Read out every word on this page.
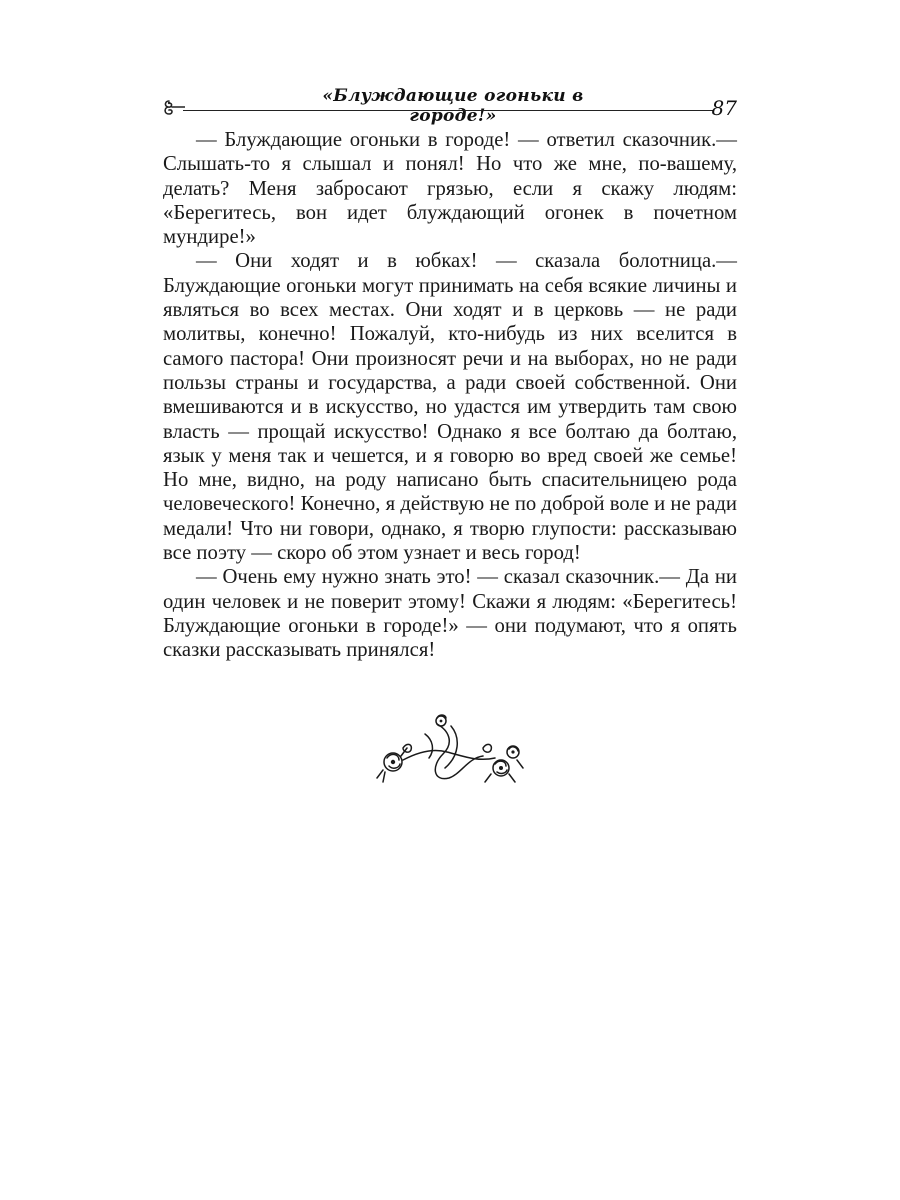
«Блуждающие огоньки в городе!»	87

— Блуждающие огоньки в городе! — ответил сказочник.— Слышать-то я слышал и понял! Но что же мне, по-вашему, делать? Меня забросают грязью, если я скажу людям: «Берегитесь, вон идет блуждающий огонек в почетном мундире!»

— Они ходят и в юбках! — сказала болотница.— Блуждающие огоньки могут принимать на себя всякие личины и являться во всех местах. Они ходят и в церковь — не ради молитвы, конечно! Пожалуй, кто-нибудь из них вселится в самого пастора! Они произносят речи и на выборах, но не ради пользы страны и государства, а ради своей собственной. Они вмешиваются и в искусство, но удастся им утвердить там свою власть — прощай искусство! Однако я все болтаю да болтаю, язык у меня так и чешется, и я говорю во вред своей же семье! Но мне, видно, на роду написано быть спасительницею рода человеческого! Конечно, я действую не по доброй воле и не ради медали! Что ни говори, однако, я творю глупости: рассказываю все поэту — скоро об этом узнает и весь город!

— Очень ему нужно знать это! — сказал сказочник.— Да ни один человек и не поверит этому! Скажи я людям: «Берегитесь! Блуждающие огоньки в городе!» — они подумают, что я опять сказки рассказывать принялся!
